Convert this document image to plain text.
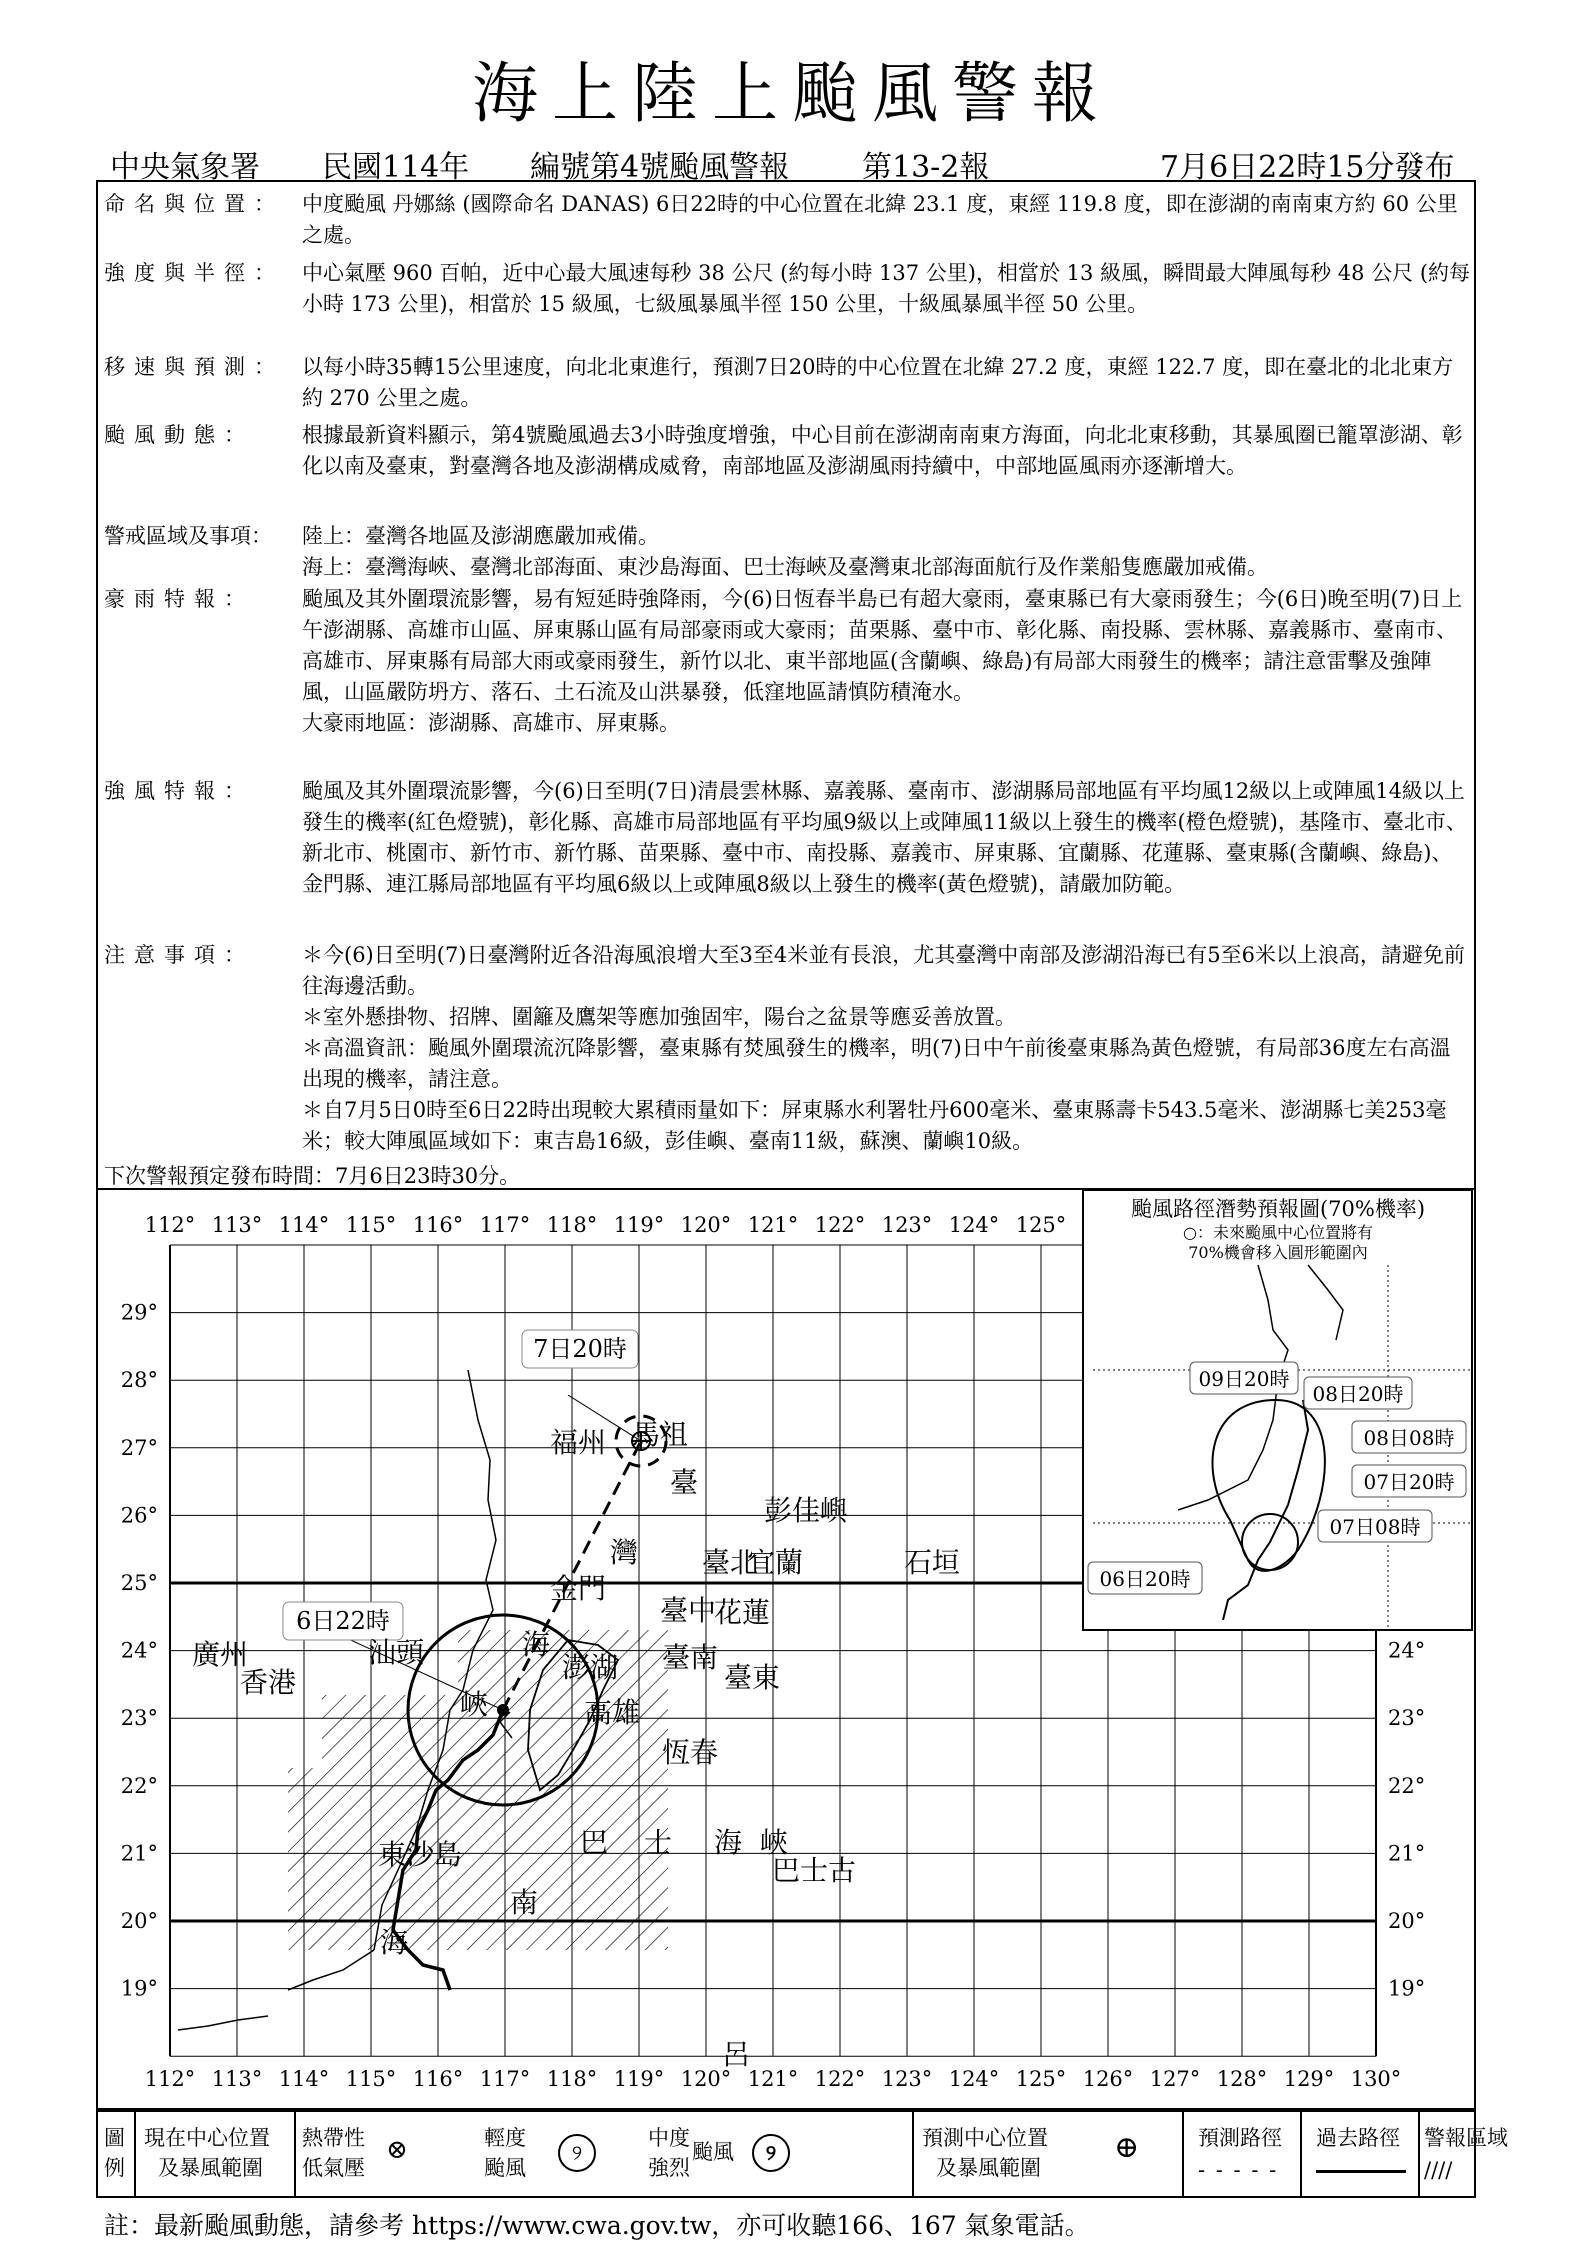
海上陸上颱風警報
中央氣象署 民國114年 編號第4號颱風警報 第13-2報	7月6日22時15分發布
命名與位置： 中度颱風 丹娜絲 (國際命名 DANAS) 6日22時的中心位置在北緯 23.1 度，東經 119.8 度，即在澎湖的南南東方約 60 公里之處。
強度與半徑： 中心氣壓 960 百帕，近中心最大風速每秒 38 公尺 (約每小時 137 公里)，相當於 13 級風，瞬間最大陣風每秒 48 公尺 (約每小時 173 公里)，相當於 15 級風，七級風暴風半徑 150 公里，十級風暴風半徑 50 公里。
移速與預測： 以每小時35轉15公里速度，向北北東進行，預測7日20時的中心位置在北緯 27.2 度，東經 122.7 度，即在臺北的北北東方約 270 公里之處。
颱風動態：	根據最新資料顯示，第4號颱風過去3小時強度增強，中心目前在澎湖南南東方海面，向北北東移動，其暴風圈已籠罩澎湖、彰化以南及臺東，對臺灣各地及澎湖構成威脅，南部地區及澎湖風雨持續中，中部地區風雨亦逐漸增大。
警戒區域及事項：	陸上：臺灣各地區及澎湖應嚴加戒備。
海上：臺灣海峽、臺灣北部海面、東沙島海面、巴士海峽及臺灣東北部海面航行及作業船隻應嚴加戒備。
豪雨特報：	颱風及其外圍環流影響，易有短延時強降雨，今(6)日恆春半島已有超大豪雨，臺東縣已有大豪雨發生；今(6日)晚至明(7)日上午澎湖縣、高雄市山區、屏東縣山區有局部豪雨或大豪雨；苗栗縣、臺中市、彰化縣、南投縣、雲林縣、嘉義縣市、臺南市、高雄市、屏東縣有局部大雨或豪雨發生，新竹以北、東半部地區(含蘭嶼、綠島)有局部大雨發生的機率；請注意雷擊及強陣風，山區嚴防坍方、落石、土石流及山洪暴發，低窪地區請慎防積淹水。
大豪雨地區：澎湖縣、高雄市、屏東縣。
強風特報：	颱風及其外圍環流影響，今(6)日至明(7日)清晨雲林縣、嘉義縣、臺南市、澎湖縣局部地區有平均風12級以上或陣風14級以上發生的機率(紅色燈號)，彰化縣、高雄市局部地區有平均風9級以上或陣風11級以上發生的機率(橙色燈號)，基隆市、臺北市、新北市、桃園市、新竹市、新竹縣、苗栗縣、臺中市、南投縣、嘉義市、屏東縣、宜蘭縣、花蓮縣、臺東縣(含蘭嶼、綠島)、金門縣、連江縣局部地區有平均風6級以上或陣風8級以上發生的機率(黃色燈號)，請嚴加防範。
注意事項：	＊今(6)日至明(7)日臺灣附近各沿海風浪增大至3至4米並有長浪，尤其臺灣中南部及澎湖沿海已有5至6米以上浪高，請避免前往海邊活動。
＊室外懸掛物、招牌、圍籬及鷹架等應加強固牢，陽台之盆景等應妥善放置。
＊高溫資訊：颱風外圍環流沉降影響，臺東縣有焚風發生的機率，明(7)日中午前後臺東縣為黃色燈號，有局部36度左右高溫出現的機率，請注意。
＊自7月5日0時至6日22時出現較大累積雨量如下：屏東縣水利署牡丹600毫米、臺東縣壽卡543.5毫米、澎湖縣七美253毫米；較大陣風區域如下：東吉島16級，彭佳嶼、臺南11級，蘇澳、蘭嶼10級。
下次警報預定發布時間：7月6日23時30分。
6日22時
7日20時
福州 馬祖
臺
彭佳嶼
灣 臺北
宜蘭	石垣
金門
海
臺中
花蓮
廣州
香港
汕頭
峽
澎湖 臺南
臺東
高雄
恆春
東沙島	巴 士 海 峽
巴士古
南
海
呂
112°
112°
113°
113°
114°
114°
115°
115°
116°
116°
117°
117°
118°
118°
119°
119°
120°
120°
121°
121°
122°
122°
123°
123°
124°
124°
125°
125° 126° 127° 128° 129° 130°
29°
28°
27°
26°
25°
24°	24°
23°	23°
22°	22°
21°	21°
20°	20°
19°	19°
颱風路徑潛勢預報圖(70%機率)
○：未來颱風中心位置將有
70%機會移入圓形範圍內
09日20時
08日20時
08日08時
07日20時
07日08時
06日20時
圖
例
現在中心位置
及暴風範圍
熱帶性
低氣壓
⊗	輕度
颱風
୨
中度
強烈
颱風	୨
預測中心位置
及暴風範圍
⊕	預測路徑
- - - - -
過去路徑 警報區域
////
註：最新颱風動態，請參考 https://www.cwa.gov.tw，亦可收聽166、167 氣象電話。
